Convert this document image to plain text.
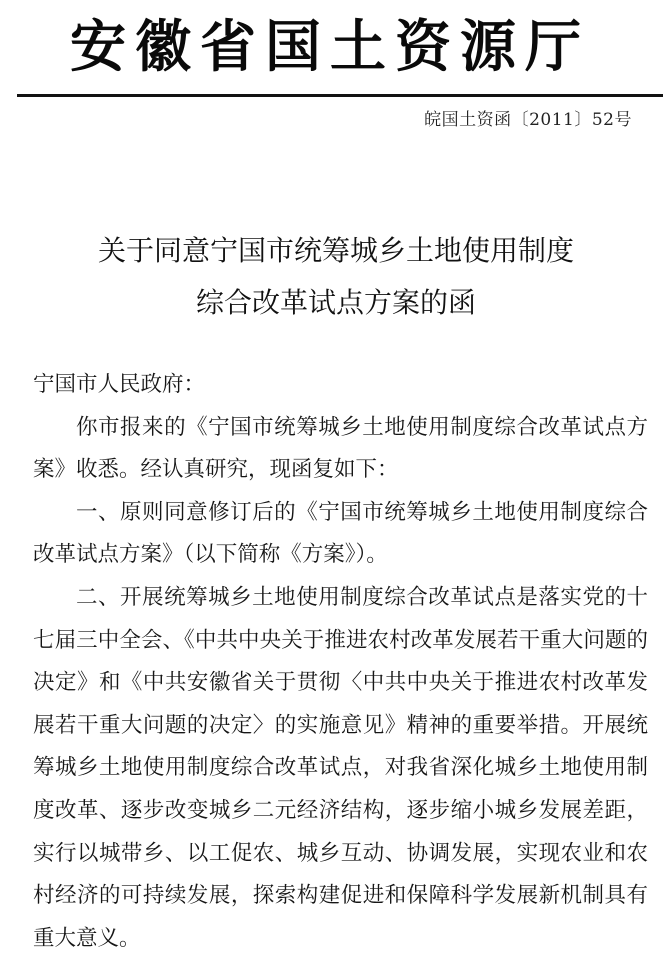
安徽省国土资源厅
皖国土资函〔2011〕52号
关于同意宁国市统筹城乡土地使用制度
综合改革试点方案的函

宁国市人民政府：

你市报来的《宁国市统筹城乡土地使用制度综合改革试点方案》收悉。经认真研究，现函复如下：

一、原则同意修订后的《宁国市统筹城乡土地使用制度综合改革试点方案》（以下简称《方案》）。

二、开展统筹城乡土地使用制度综合改革试点是落实党的十七届三中全会、《中共中央关于推进农村改革发展若干重大问题的决定》和《中共安徽省关于贯彻〈中共中央关于推进农村改革发展若干重大问题的决定〉的实施意见》精神的重要举措。开展统筹城乡土地使用制度综合改革试点，对我省深化城乡土地使用制度改革、逐步改变城乡二元经济结构，逐步缩小城乡发展差距，实行以城带乡、以工促农、城乡互动、协调发展，实现农业和农村经济的可持续发展，探索构建促进和保障科学发展新机制具有重大意义。
